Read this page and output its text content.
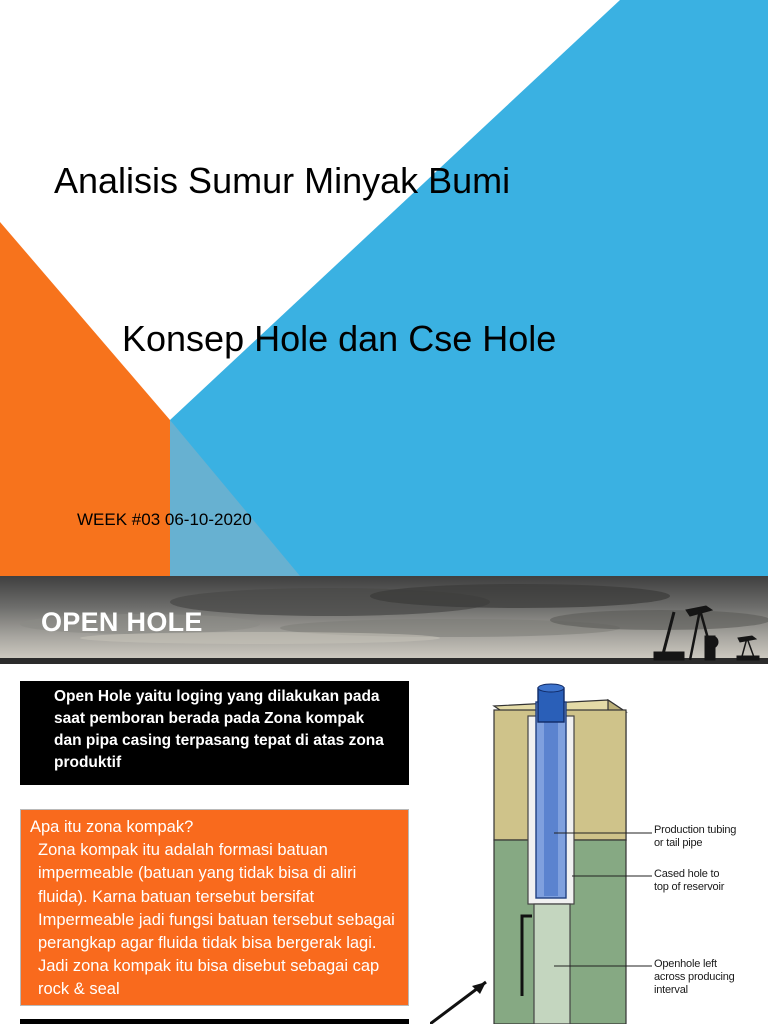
Analisis Sumur Minyak Bumi
Konsep Hole dan Cse Hole
WEEK #03 06-10-2020
OPEN HOLE
Open Hole yaitu loging yang dilakukan pada saat pemboran berada pada Zona kompak dan pipa casing terpasang tepat di atas zona produktif

Apa itu zona kompak?

Zona kompak itu adalah formasi batuan impermeable (batuan yang tidak bisa di aliri fluida). Karna batuan tersebut bersifat Impermeable jadi fungsi batuan tersebut sebagai perangkap agar fluida tidak bisa bergerak lagi. Jadi zona kompak itu bisa disebut sebagai cap rock & seal

Production tubing
or tail pipe
Cased hole to
top of reservoir
Openhole left
across producing
interval
